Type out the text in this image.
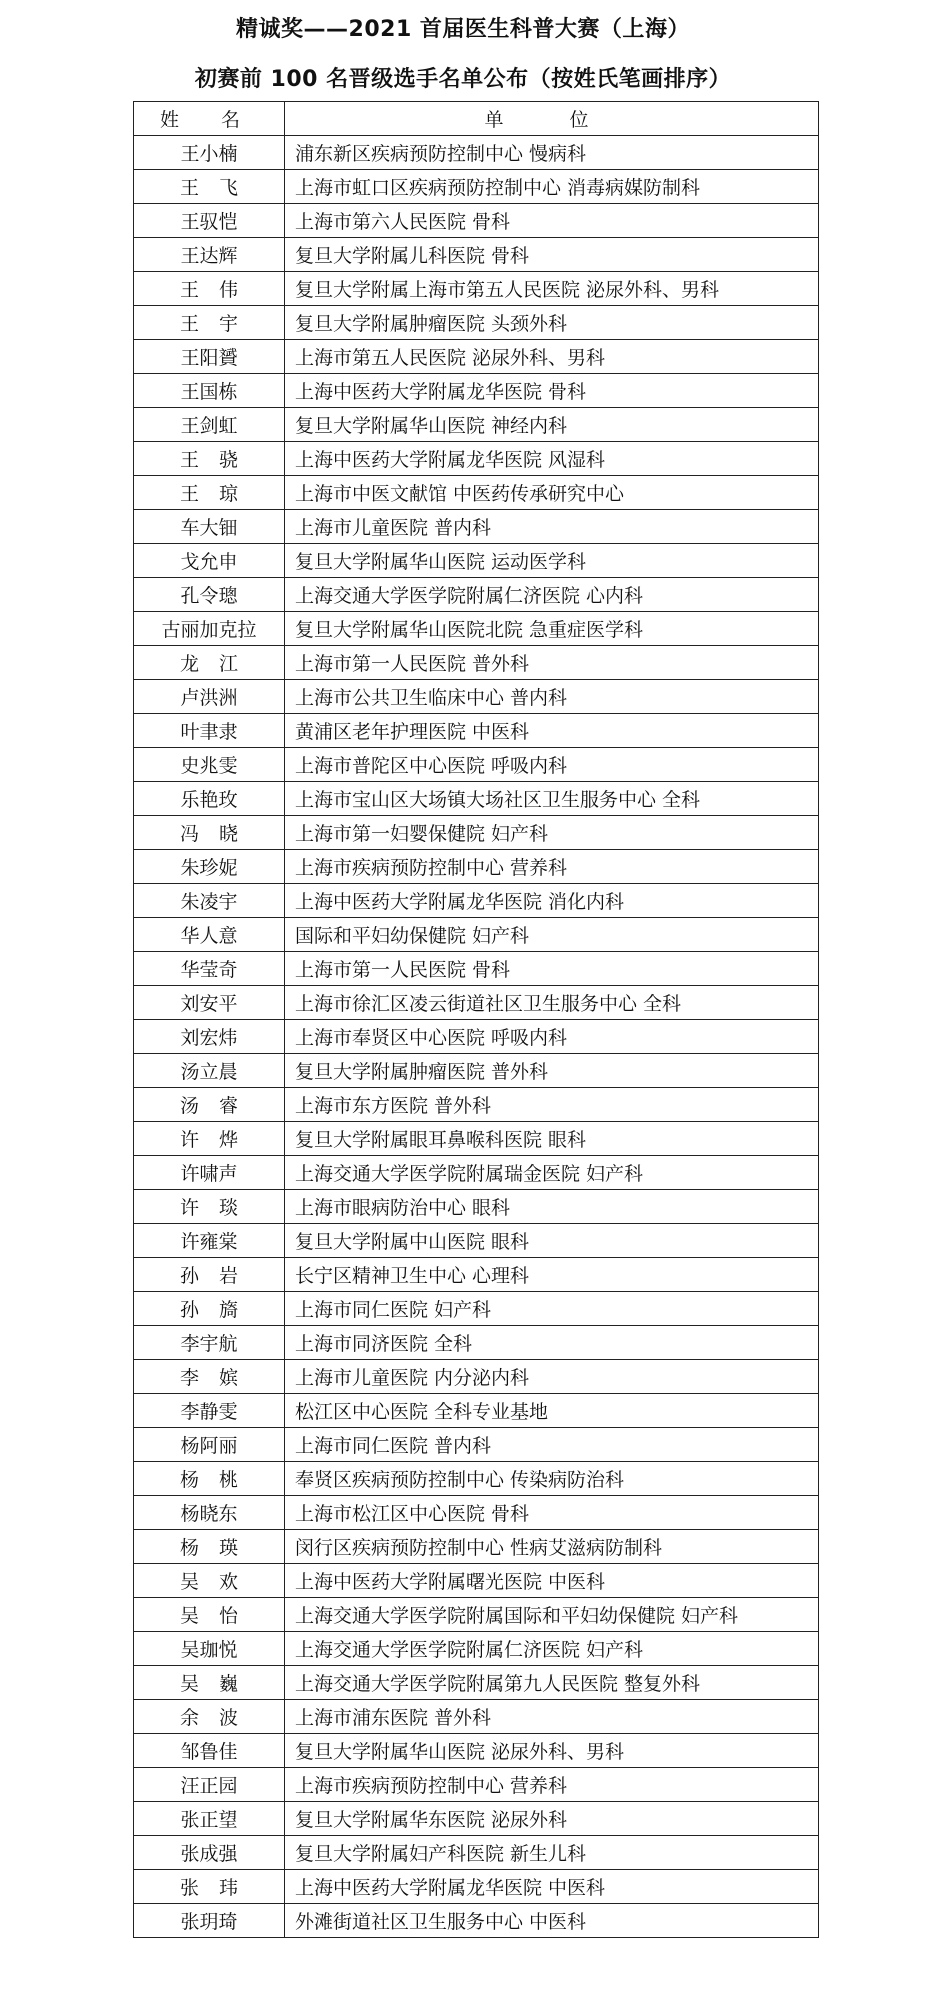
精诚奖——2021 首届医生科普大赛（上海）
初赛前 100 名晋级选手名单公布（按姓氏笔画排序）
姓 名	单 位
王小楠	浦东新区疾病预防控制中心 慢病科
王 飞	上海市虹口区疾病预防控制中心 消毒病媒防制科
王驭恺	上海市第六人民医院 骨科
王达辉	复旦大学附属儿科医院 骨科
王 伟	复旦大学附属上海市第五人民医院 泌尿外科、男科
王 宇	复旦大学附属肿瘤医院 头颈外科
王阳贇	上海市第五人民医院 泌尿外科、男科
王国栋	上海中医药大学附属龙华医院 骨科
王剑虹	复旦大学附属华山医院 神经内科
王 骁	上海中医药大学附属龙华医院 风湿科
王 琼	上海市中医文献馆 中医药传承研究中心
车大钿	上海市儿童医院 普内科
戈允申	复旦大学附属华山医院 运动医学科
孔令璁	上海交通大学医学院附属仁济医院 心内科
古丽加克拉	复旦大学附属华山医院北院 急重症医学科
龙 江	上海市第一人民医院 普外科
卢洪洲	上海市公共卫生临床中心 普内科
叶聿隶	黄浦区老年护理医院 中医科
史兆雯	上海市普陀区中心医院 呼吸内科
乐艳玫	上海市宝山区大场镇大场社区卫生服务中心 全科
冯 晓	上海市第一妇婴保健院 妇产科
朱珍妮	上海市疾病预防控制中心 营养科
朱凌宇	上海中医药大学附属龙华医院 消化内科
华人意	国际和平妇幼保健院 妇产科
华莹奇	上海市第一人民医院 骨科
刘安平	上海市徐汇区凌云街道社区卫生服务中心 全科
刘宏炜	上海市奉贤区中心医院 呼吸内科
汤立晨	复旦大学附属肿瘤医院 普外科
汤 睿	上海市东方医院 普外科
许 烨	复旦大学附属眼耳鼻喉科医院 眼科
许啸声	上海交通大学医学院附属瑞金医院 妇产科
许 琰	上海市眼病防治中心 眼科
许雍棠	复旦大学附属中山医院 眼科
孙 岩	长宁区精神卫生中心 心理科
孙 旖	上海市同仁医院 妇产科
李宇航	上海市同济医院 全科
李 嫔	上海市儿童医院 内分泌内科
李静雯	松江区中心医院 全科专业基地
杨阿丽	上海市同仁医院 普内科
杨 桃	奉贤区疾病预防控制中心 传染病防治科
杨晓东	上海市松江区中心医院 骨科
杨 瑛	闵行区疾病预防控制中心 性病艾滋病防制科
吴 欢	上海中医药大学附属曙光医院 中医科
吴 怡	上海交通大学医学院附属国际和平妇幼保健院 妇产科
吴珈悦	上海交通大学医学院附属仁济医院 妇产科
吴 巍	上海交通大学医学院附属第九人民医院 整复外科
余 波	上海市浦东医院 普外科
邹鲁佳	复旦大学附属华山医院 泌尿外科、男科
汪正园	上海市疾病预防控制中心 营养科
张正望	复旦大学附属华东医院 泌尿外科
张成强	复旦大学附属妇产科医院 新生儿科
张 玮	上海中医药大学附属龙华医院 中医科
张玥琦	外滩街道社区卫生服务中心 中医科
